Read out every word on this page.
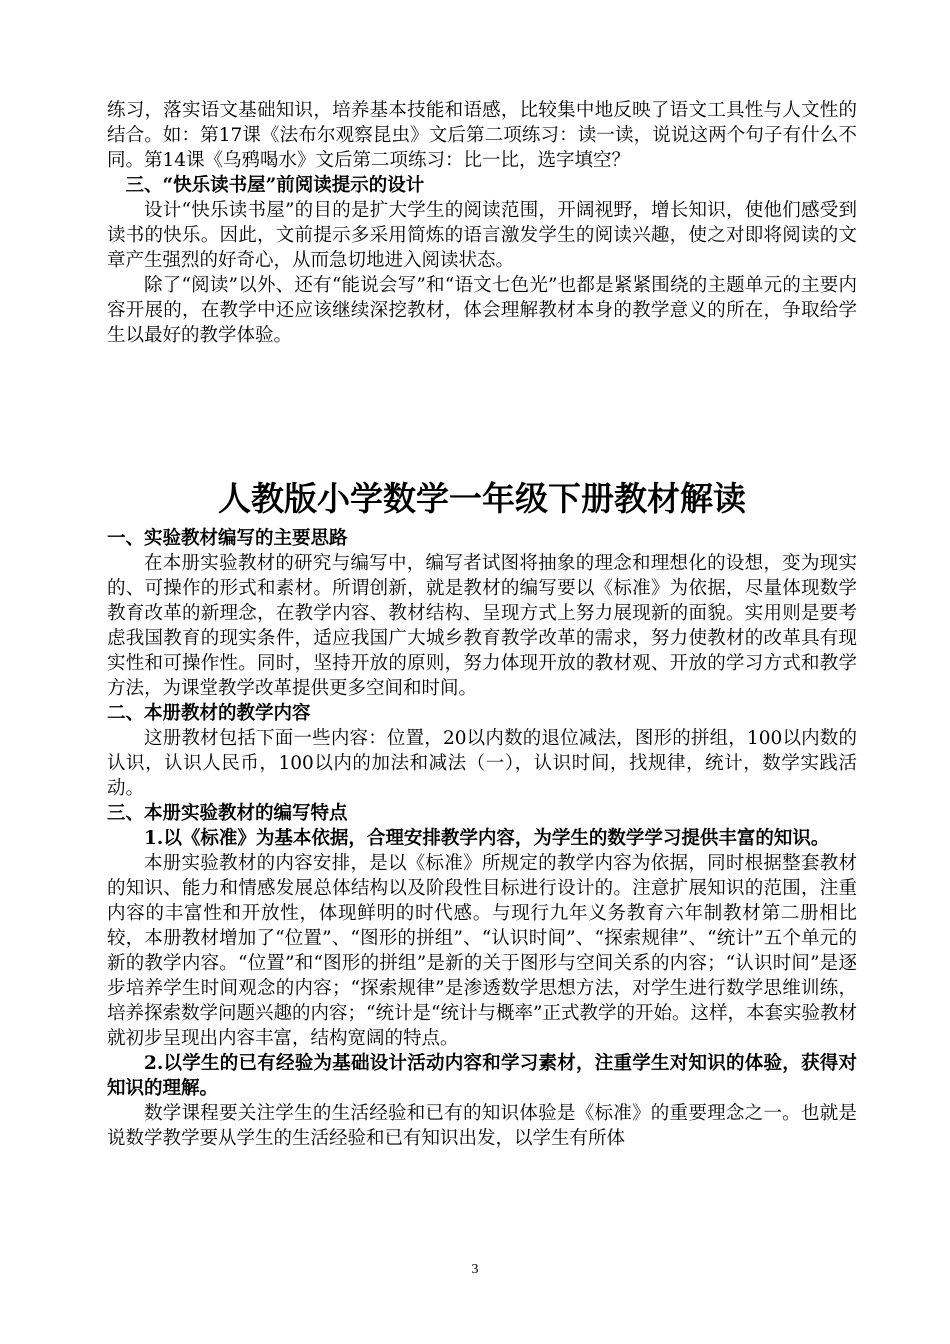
练习，落实语文基础知识，培养基本技能和语感，比较集中地反映了语文工具性与人文性的结合。如：第17课《法布尔观察昆虫》文后第二项练习：读一读，说说这两个句子有什么不同。第14课《乌鸦喝水》文后第二项练习：比一比，选字填空？

三、“快乐读书屋”前阅读提示的设计

设计“快乐读书屋”的目的是扩大学生的阅读范围，开阔视野，增长知识，使他们感受到读书的快乐。因此，文前提示多采用简炼的语言激发学生的阅读兴趣，使之对即将阅读的文章产生强烈的好奇心，从而急切地进入阅读状态。

除了“阅读”以外、还有“能说会写”和“语文七色光”也都是紧紧围绕的主题单元的主要内容开展的，在教学中还应该继续深挖教材，体会理解教材本身的教学意义的所在，争取给学生以最好的教学体验。

人教版小学数学一年级下册教材解读

一、实验教材编写的主要思路

在本册实验教材的研究与编写中，编写者试图将抽象的理念和理想化的设想，变为现实的、可操作的形式和素材。所谓创新，就是教材的编写要以《标准》为依据，尽量体现数学教育改革的新理念，在教学内容、教材结构、呈现方式上努力展现新的面貌。实用则是要考虑我国教育的现实条件，适应我国广大城乡教育教学改革的需求，努力使教材的改革具有现实性和可操作性。同时，坚持开放的原则，努力体现开放的教材观、开放的学习方式和教学方法，为课堂教学改革提供更多空间和时间。

二、本册教材的教学内容

这册教材包括下面一些内容：位置，20以内数的退位减法，图形的拼组，100以内数的认识，认识人民币，100以内的加法和减法（一），认识时间，找规律，统计，数学实践活动。

三、本册实验教材的编写特点

1.以《标准》为基本依据，合理安排教学内容，为学生的数学学习提供丰富的知识。

本册实验教材的内容安排，是以《标准》所规定的教学内容为依据，同时根据整套教材的知识、能力和情感发展总体结构以及阶段性目标进行设计的。注意扩展知识的范围，注重内容的丰富性和开放性，体现鲜明的时代感。与现行九年义务教育六年制教材第二册相比较，本册教材增加了“位置”、“图形的拼组”、“认识时间”、“探索规律”、“统计”五个单元的新的教学内容。“位置”和“图形的拼组”是新的关于图形与空间关系的内容；“认识时间”是逐步培养学生时间观念的内容；“探索规律”是渗透数学思想方法，对学生进行数学思维训练，培养探索数学问题兴趣的内容；“统计是“统计与概率”正式教学的开始。这样，本套实验教材就初步呈现出内容丰富，结构宽阔的特点。

2.以学生的已有经验为基础设计活动内容和学习素材，注重学生对知识的体验，获得对知识的理解。

数学课程要关注学生的生活经验和已有的知识体验是《标准》的重要理念之一。也就是说数学教学要从学生的生活经验和已有知识出发，以学生有所体

3
